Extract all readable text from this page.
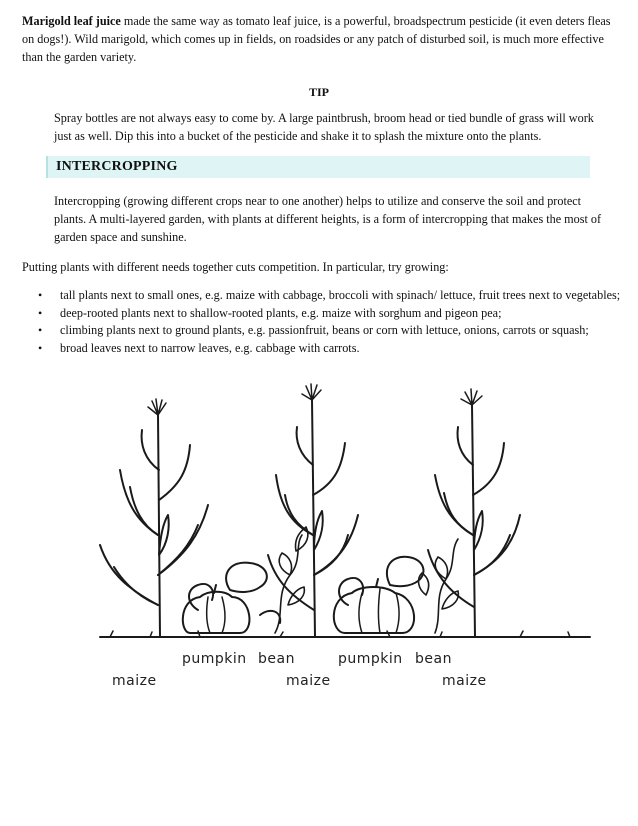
Marigold leaf juice made the same way as tomato leaf juice, is a powerful, broadspectrum pesticide (it even deters fleas on dogs!). Wild marigold, which comes up in fields, on roadsides or any patch of disturbed soil, is much more effective than the garden variety.

TIP

Spray bottles are not always easy to come by. A large paintbrush, broom head or tied bundle of grass will work just as well. Dip this into a bucket of the pesticide and shake it to splash the mixture onto the plants.

INTERCROPPING

Intercropping (growing different crops near to one another) helps to utilize and conserve the soil and protect plants. A multi-layered garden, with plants at different heights, is a form of intercropping that makes the most of garden space and sunshine.

Putting plants with different needs together cuts competition. In particular, try growing:

• tall plants next to small ones, e.g. maize with cabbage, broccoli with spinach/ lettuce, fruit trees next to vegetables;
• deep-rooted plants next to shallow-rooted plants, e.g. maize with sorghum and pigeon pea;
• climbing plants next to ground plants, e.g. passionfruit, beans or corn with lettuce, onions, carrots or squash;
• broad leaves next to narrow leaves, e.g. cabbage with carrots.
pumpkin bean	pumpkin bean
maize	maize	maize
